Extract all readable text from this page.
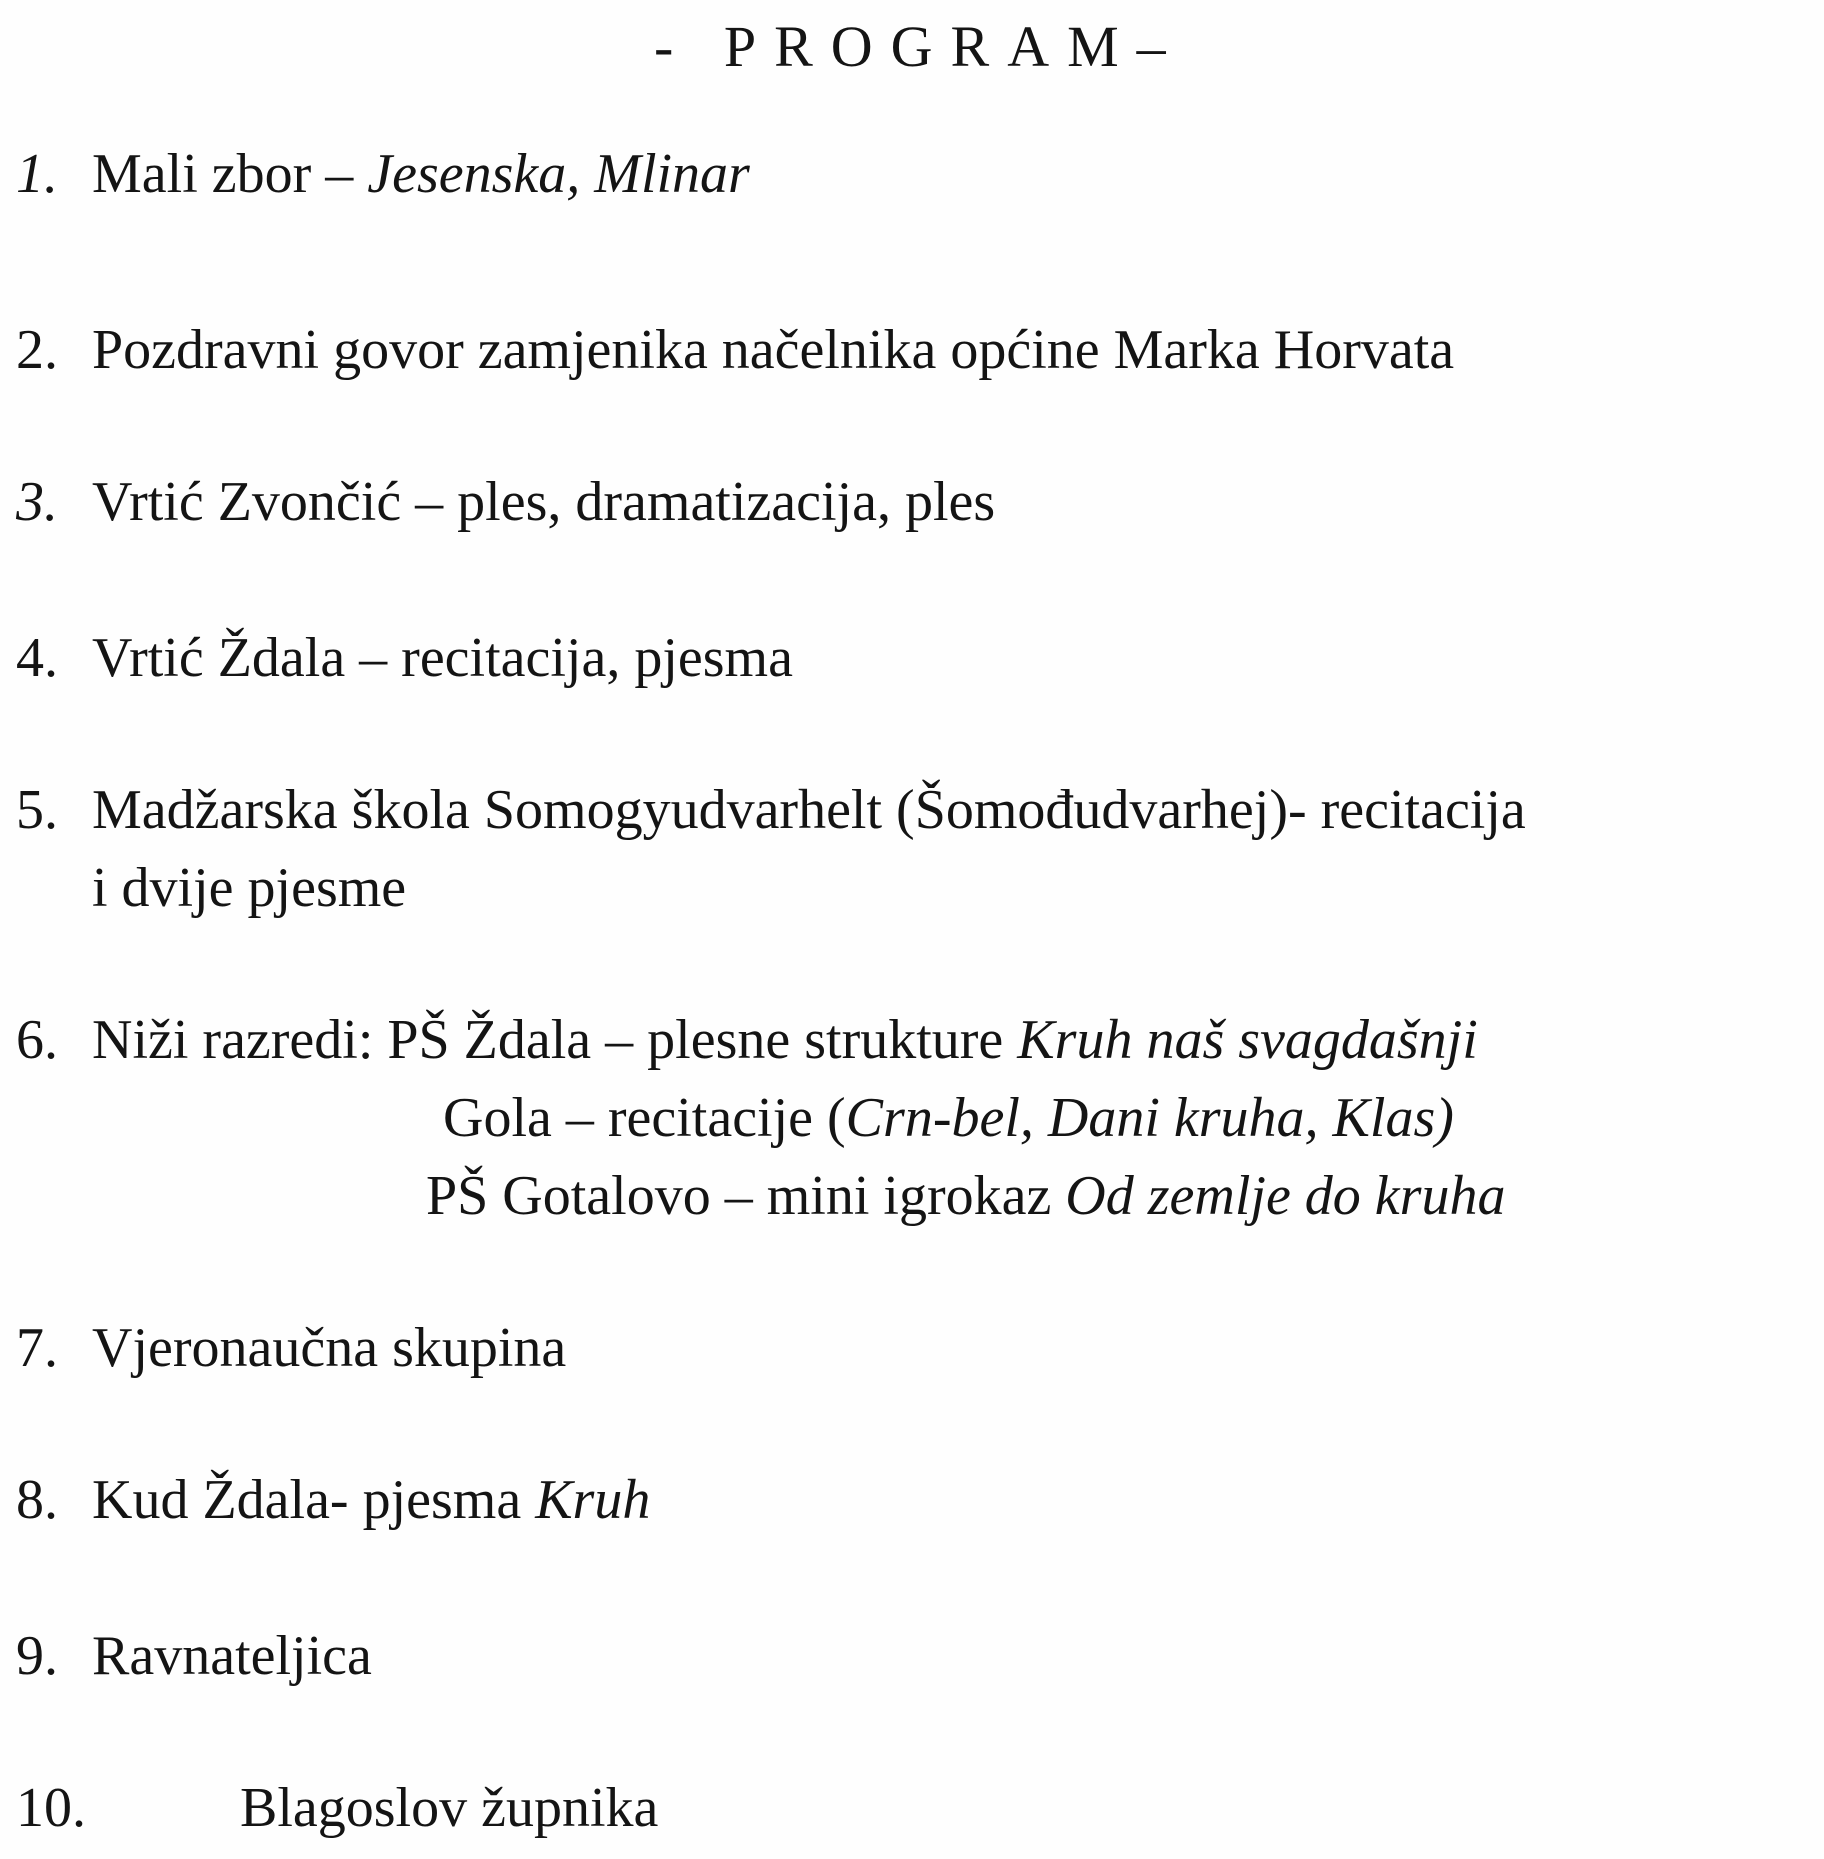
- PROGRAM–
1. Mali zbor – Jesenska, Mlinar
2. Pozdravni govor zamjenika načelnika općine Marka Horvata
3. Vrtić Zvončić – ples, dramatizacija, ples
4. Vrtić Ždala – recitacija, pjesma
5. Madžarska škola Somogyudvarhelt (Šomođudvarhej)- recitacija
i dvije pjesme
6. Niži razredi: PŠ Ždala – plesne strukture Kruh naš svagdašnji
Gola – recitacije (Crn-bel, Dani kruha, Klas)
PŠ Gotalovo – mini igrokaz Od zemlje do kruha
7. Vjeronaučna skupina
8. Kud Ždala- pjesma Kruh
9. Ravnateljica
10.	Blagoslov župnika
